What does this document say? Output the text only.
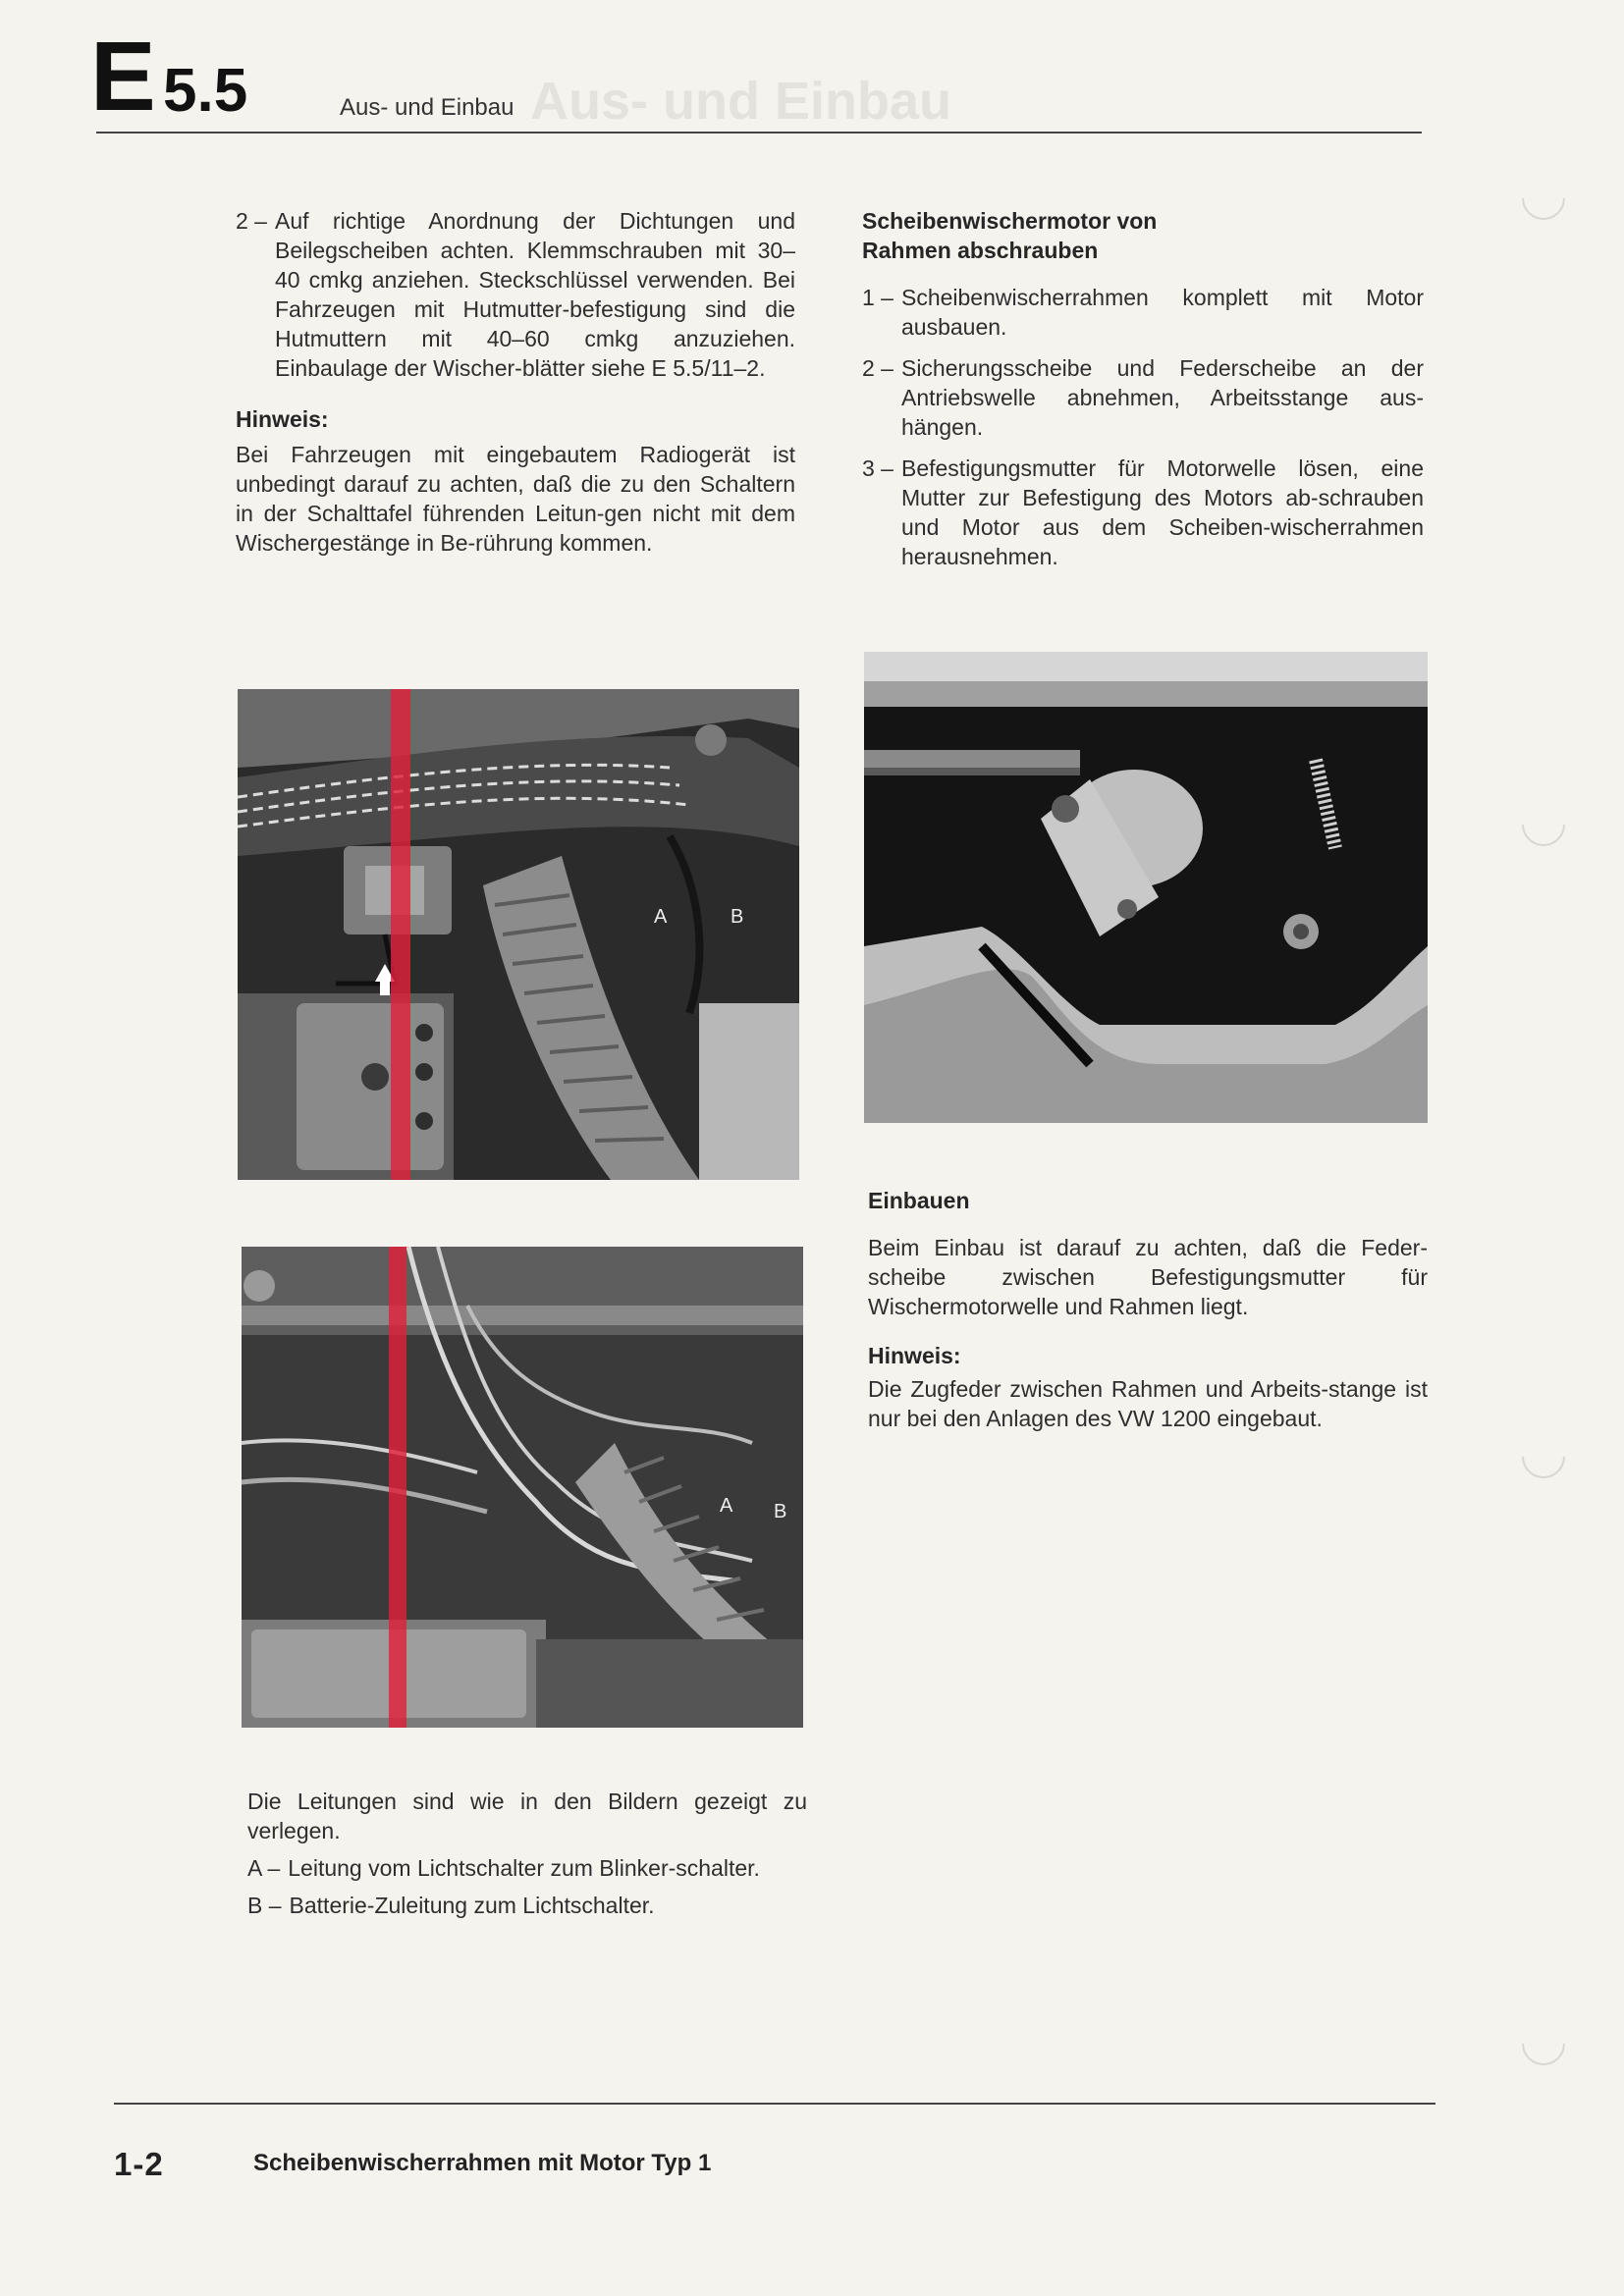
Aus- und Einbau
E 5.5	Aus- und Einbau
2 – Auf richtige Anordnung der Dichtungen und Beilegscheiben achten. Klemmschrauben mit 30–40 cmkg anziehen. Steckschlüssel verwenden. Bei Fahrzeugen mit Hutmutter-befestigung sind die Hutmuttern mit 40–60 cmkg anzuziehen. Einbaulage der Wischer-blätter siehe E 5.5/11–2.

Hinweis:

Bei Fahrzeugen mit eingebautem Radiogerät ist unbedingt darauf zu achten, daß die zu den Schaltern in der Schalttafel führenden Leitun-gen nicht mit dem Wischergestänge in Be-rührung kommen.

Scheibenwischermotor von Rahmen abschrauben

1 – Scheibenwischerrahmen komplett mit Motor ausbauen.
2 – Sicherungsscheibe und Federscheibe an der Antriebswelle abnehmen, Arbeitsstange aus-hängen.
3 – Befestigungsmutter für Motorwelle lösen, eine Mutter zur Befestigung des Motors ab-schrauben und Motor aus dem Scheiben-wischerrahmen herausnehmen.
A	B
A B

Einbauen

Beim Einbau ist darauf zu achten, daß die Feder-scheibe zwischen Befestigungsmutter für Wischermotorwelle und Rahmen liegt.

Hinweis:

Die Zugfeder zwischen Rahmen und Arbeits-stange ist nur bei den Anlagen des VW 1200 eingebaut.

Die Leitungen sind wie in den Bildern gezeigt zu verlegen.

A – Leitung vom Lichtschalter zum Blinker-schalter.
B – Batterie-Zuleitung zum Lichtschalter.
1-2	Scheibenwischerrahmen mit Motor Typ 1
